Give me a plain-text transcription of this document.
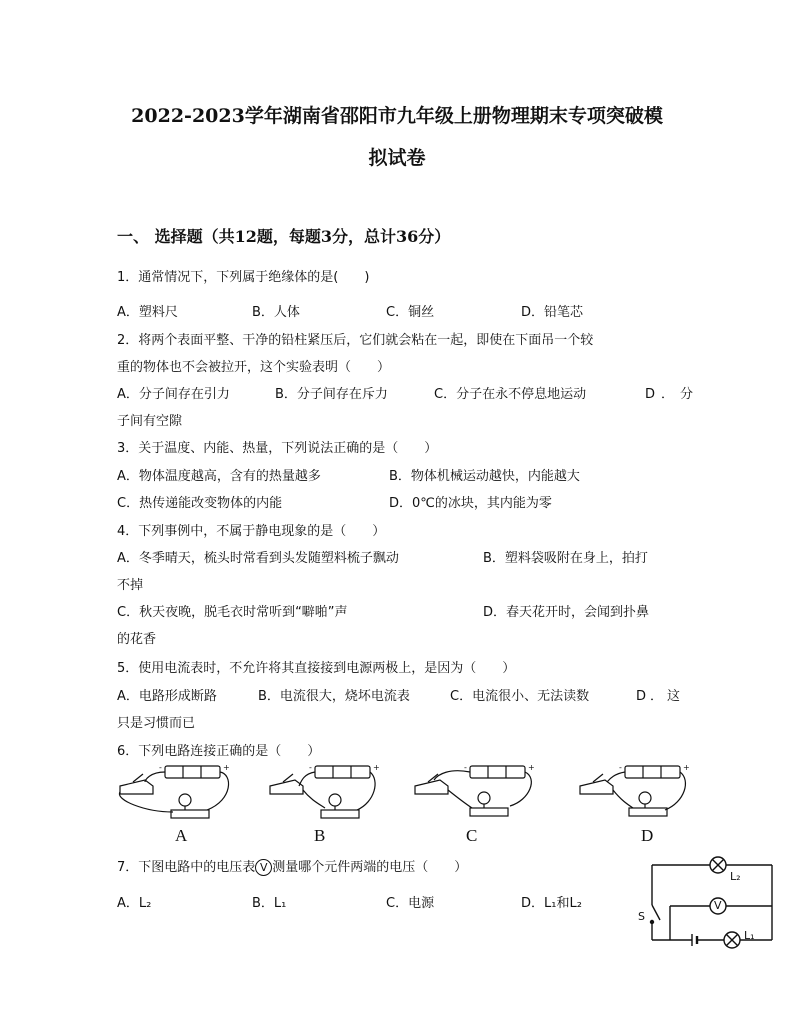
2022-2023学年湖南省邵阳市九年级上册物理期末专项突破模
拟试卷
一、 选择题（共12题，每题3分，总计36分）
1．通常情况下，下列属于绝缘体的是(　　)
A．塑料尺	B．人体	C．铜丝	D．铅笔芯
2．将两个表面平整、干净的铅柱紧压后，它们就会粘在一起，即使在下面吊一个较
重的物体也不会被拉开，这个实验表明（　　）
A．分子间存在引力	B．分子间存在斥力	C．分子在永不停息地运动	D．分
子间有空隙
3．关于温度、内能、热量，下列说法正确的是（　　）
A．物体温度越高，含有的热量越多	B．物体机械运动越快，内能越大
C．热传递能改变物体的内能	D．0℃的冰块，其内能为零
4．下列事例中，不属于静电现象的是（　　）
A．冬季晴天，梳头时常看到头发随塑料梳子飘动	B．塑料袋吸附在身上，拍打
不掉
C．秋天夜晚，脱毛衣时常听到“噼啪”声	D．春天花开时，会闻到扑鼻
的花香
5．使用电流表时，不允许将其直接接到电源两极上，是因为（　　）
A．电路形成断路	B．电流很大，烧坏电流表	C．电流很小、无法读数	D．这
只是习惯而已
6．下列电路连接正确的是（　　）
+
-
A
+
-
B
+
-
C
+
-
D
7．下图电路中的电压表 V 测量哪个元件两端的电压（　　）
A．L₂	B．L₁	C．电源	D．L₁和L₂
L₂
V
L₁
S
